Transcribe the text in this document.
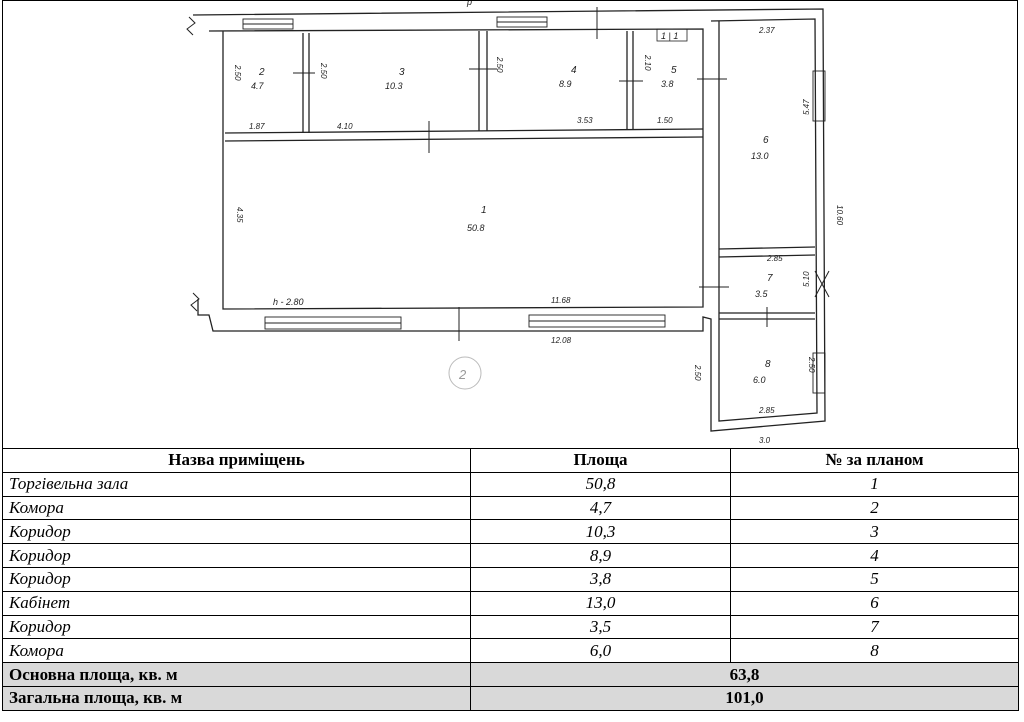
1 | 1
2
р
2
4.7
3
10.3
4
8.9
5
3.8
1
50.8
6
13.0
7
3.5
8
6.0
2.50	2.50	2.50	2.10
2.37
1.87	4.10
3.53	1.50
4.35
5.47
10.60
2.85
h - 2.80	11.68
12.08
2.50
2.50
2.85
3.0
5.10
Назва приміщень	Площа	№ за планом
Торгівельна зала	50,8	1
Комора	4,7	2
Коридор	10,3	3
Коридор	8,9	4
Коридор	3,8	5
Кабінет	13,0	6
Коридор	3,5	7
Комора	6,0	8
Основна площа, кв. м	63,8	
Загальна площа, кв. м	101,0	
